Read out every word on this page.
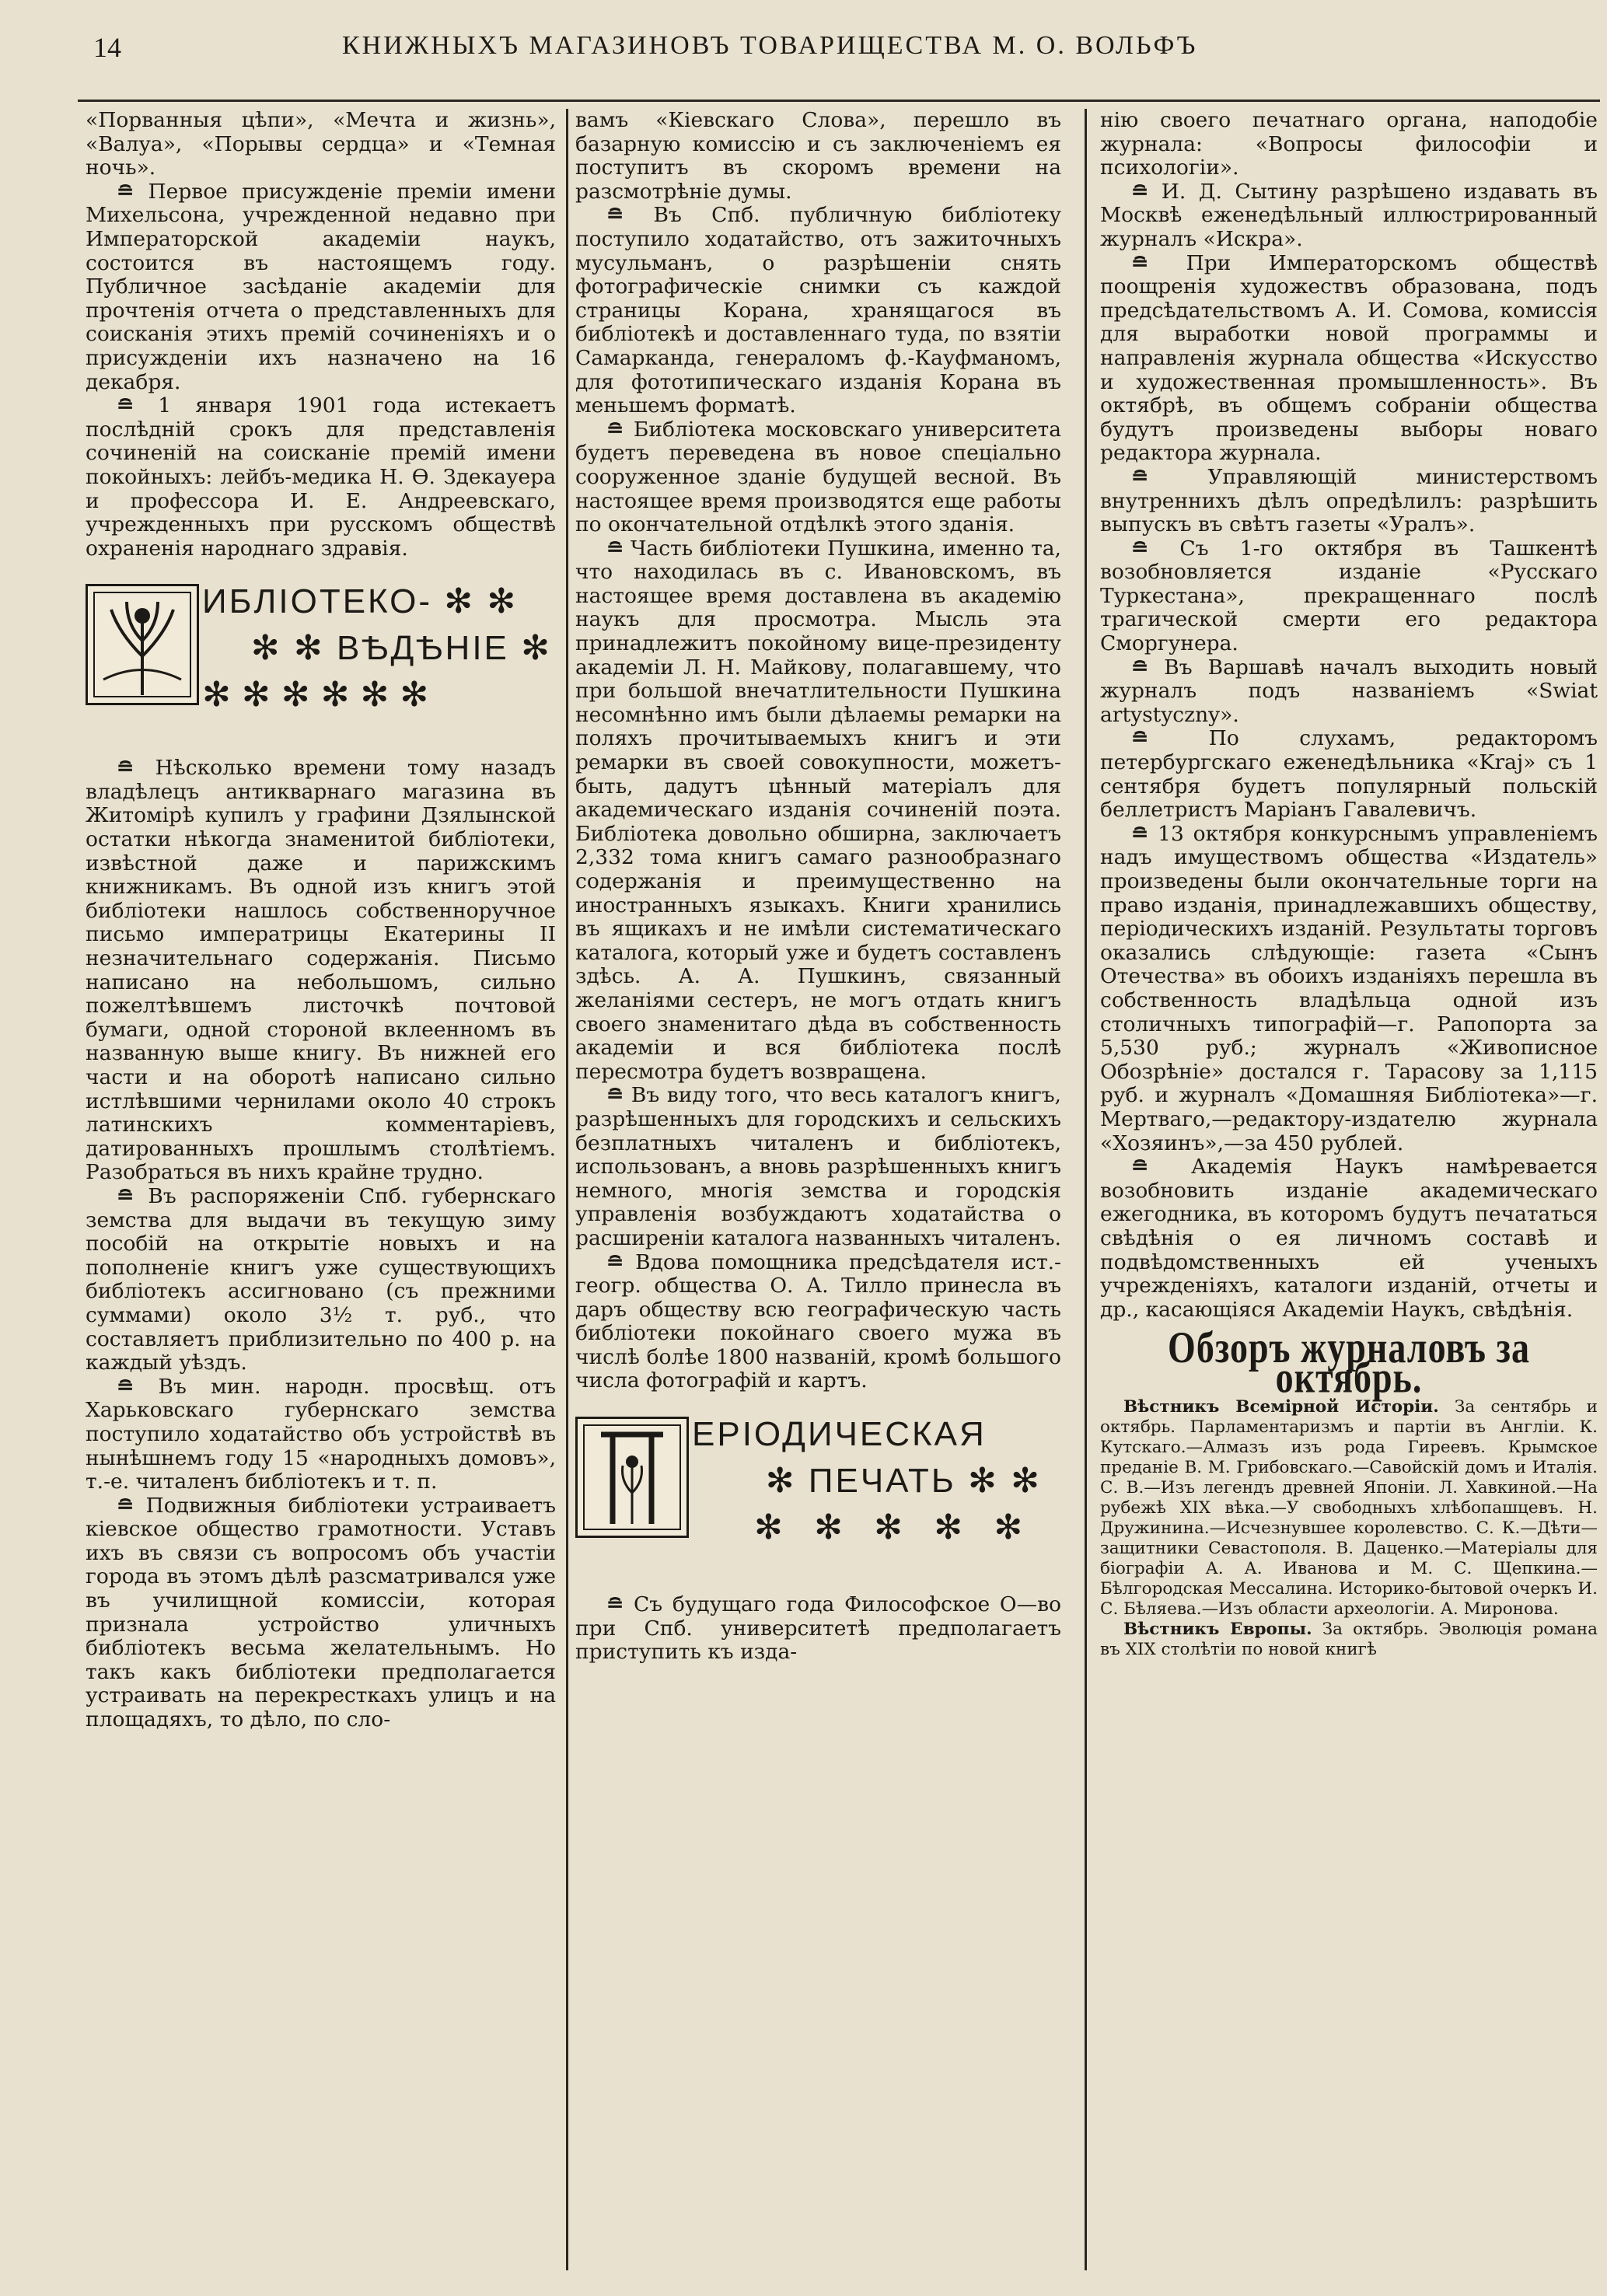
14	КНИЖНЫХЪ МАГАЗИНОВЪ ТОВАРИЩЕСТВА М. О. ВОЛЬФЪ

«Порванныя цѣпи», «Мечта и жизнь», «Валуа», «Порывы сердца» и «Темная ночь».

≘ Первое присужденіе преміи имени Михельсона, учрежденной недавно при Императорской академіи наукъ, состоится въ настоящемъ году. Публичное засѣданіе академіи для прочтенія отчета о представленныхъ для соисканія этихъ премій сочиненіяхъ и о присужденіи ихъ назначено на 16 декабря.

≘ 1 января 1901 года истекаетъ послѣдній срокъ для представленія сочиненій на соисканіе премій имени покойныхъ: лейбъ-медика Н. Ѳ. Здекауера и профессора И. Е. Андреевскаго, учрежденныхъ при русскомъ обществѣ охраненія народнаго здравія.

ИБЛІОТЕКО- ✻ ✻
✻ ✻ ВѢДѢНІЕ ✻
✻✻✻✻✻✻

≘ Нѣсколько времени тому назадъ владѣлецъ антикварнаго магазина въ Житомірѣ купилъ у графини Дзялынской остатки нѣкогда знаменитой библіотеки, извѣстной даже и парижскимъ книжникамъ. Въ одной изъ книгъ этой библіотеки нашлось собственноручное письмо императрицы Екатерины II незначительнаго содержанія. Письмо написано на небольшомъ, сильно пожелтѣвшемъ листочкѣ почтовой бумаги, одной стороной вклеенномъ въ названную выше книгу. Въ нижней его части и на оборотѣ написано сильно истлѣвшими чернилами около 40 строкъ латинскихъ комментаріевъ, датированныхъ прошлымъ столѣтіемъ. Разобраться въ нихъ крайне трудно.

≘ Въ распоряженіи Спб. губернскаго земства для выдачи въ текущую зиму пособій на открытіе новыхъ и на пополненіе книгъ уже существующихъ библіотекъ ассигновано (съ прежними суммами) около 3½ т. руб., что составляетъ приблизительно по 400 р. на каждый уѣздъ.

≘ Въ мин. народн. просвѣщ. отъ Харьковскаго губернскаго земства поступило ходатайство объ устройствѣ въ нынѣшнемъ году 15 «народныхъ домовъ», т.-е. читаленъ библіотекъ и т. п.

≘ Подвижныя библіотеки устраиваетъ кіевское общество грамотности. Уставъ ихъ въ связи съ вопросомъ объ участіи города въ этомъ дѣлѣ разсматривался уже въ училищной комиссіи, которая признала устройство уличныхъ библіотекъ весьма желательнымъ. Но такъ какъ библіотеки предполагается устраивать на перекресткахъ улицъ и на площадяхъ, то дѣло, по сло-

вамъ «Кіевскаго Слова», перешло въ базарную комиссію и съ заключеніемъ ея поступитъ въ скоромъ времени на разсмотрѣніе думы.

≘ Въ Спб. публичную библіотеку поступило ходатайство, отъ зажиточныхъ мусульманъ, о разрѣшеніи снять фотографическіе снимки съ каждой страницы Корана, хранящагося въ библіотекѣ и доставленнаго туда, по взятіи Самарканда, генераломъ ф.-Кауфманомъ, для фототипическаго изданія Корана въ меньшемъ форматѣ.

≘ Библіотека московскаго университета будетъ переведена въ новое спеціально сооруженное зданіе будущей весной. Въ настоящее время производятся еще работы по окончательной отдѣлкѣ этого зданія.

≘ Часть библіотеки Пушкина, именно та, что находилась въ с. Ивановскомъ, въ настоящее время доставлена въ академію наукъ для просмотра. Мысль эта принадлежитъ покойному вице-президенту академіи Л. Н. Майкову, полагавшему, что при большой внечатлительности Пушкина несомнѣнно имъ были дѣлаемы ремарки на поляхъ прочитываемыхъ книгъ и эти ремарки въ своей совокупности, можетъ-быть, дадутъ цѣнный матеріалъ для академическаго изданія сочиненій поэта. Библіотека довольно обширна, заключаетъ 2,332 тома книгъ самаго разнообразнаго содержанія и преимущественно на иностранныхъ языкахъ. Книги хранились въ ящикахъ и не имѣли систематическаго каталога, который уже и будетъ составленъ здѣсь. А. А. Пушкинъ, связанный желаніями сестеръ, не могъ отдать книгъ своего знаменитаго дѣда въ собственность академіи и вся библіотека послѣ пересмотра будетъ возвращена.

≘ Въ виду того, что весь каталогъ книгъ, разрѣшенныхъ для городскихъ и сельскихъ безплатныхъ читаленъ и библіотекъ, использованъ, а вновь разрѣшенныхъ книгъ немного, многія земства и городскія управленія возбуждаютъ ходатайства о расширеніи каталога названныхъ читаленъ.

≘ Вдова помощника предсѣдателя ист.-геогр. общества О. А. Тилло принесла въ даръ обществу всю географическую часть библіотеки покойнаго своего мужа въ числѣ болѣе 1800 названій, кромѣ большого числа фотографій и картъ.

ЕРІОДИЧЕСКАЯ
✻ ПЕЧАТЬ ✻ ✻
✻ ✻ ✻ ✻ ✻

≘ Съ будущаго года Философское О—во при Спб. университетѣ предполагаетъ приступить къ изда-

нію своего печатнаго органа, наподобіе журнала: «Вопросы философіи и психологіи».

≘ И. Д. Сытину разрѣшено издавать въ Москвѣ еженедѣльный иллюстрированный журналъ «Искра».

≘ При Императорскомъ обществѣ поощренія художествъ образована, подъ предсѣдательствомъ А. И. Сомова, комиссія для выработки новой программы и направленія журнала общества «Искусство и художественная промышленность». Въ октябрѣ, въ общемъ собраніи общества будутъ произведены выборы новаго редактора журнала.

≘	Управляющій министерствомъ внутреннихъ дѣлъ опредѣлилъ: разрѣшить выпускъ въ свѣтъ газеты «Уралъ».

≘ Съ 1-го октября въ Ташкентѣ возобновляется изданіе «Русскаго Туркестана», прекращеннаго послѣ трагической смерти его редактора Сморгунера.

≘ Въ Варшавѣ началъ выходить новый журналъ подъ названіемъ «Swiat artystyczny».

≘	По слухамъ, редакторомъ петербургскаго еженедѣльника «Kraj» съ 1 сентября будетъ популярный польскій беллетристъ Маріанъ Гавалевичъ.

≘ 13 октября конкурснымъ управленіемъ надъ имуществомъ общества «Издатель» произведены были окончательные торги на право изданія, принадлежавшихъ обществу, періодическихъ изданій. Результаты торговъ оказались слѣдующіе: газета «Сынъ Отечества» въ обоихъ изданіяхъ перешла въ собственность владѣльца одной изъ столичныхъ типографій—г. Рапопорта за 5,530 руб.; журналъ «Живописное Обозрѣніе» достался г. Тарасову за 1,115 руб. и журналъ «Домашняя Библіотека»—г. Мертваго,—редактору-издателю журнала «Хозяинъ»,—за 450 рублей.

≘ Академія Наукъ намѣревается возобновить изданіе академическаго ежегодника, въ которомъ будутъ печататься свѣдѣнія о ея личномъ составѣ и подвѣдомственныхъ ей ученыхъ учрежденіяхъ, каталоги изданій, отчеты и др., касающіяся Академіи Наукъ, свѣдѣнія.

Обзоръ журналовъ за октябрь.

Вѣстникъ Всемірной Исторіи. За сентябрь и октябрь. Парламентаризмъ и партіи въ Англіи. К. Кутскаго.—Алмазъ изъ рода Гиреевъ. Крымское преданіе В. М. Грибовскаго.—Савойскій домъ и Италія. С. В.—Изъ легендъ древней Японіи. Л. Хавкиной.—На рубежѣ XIX вѣка.—У свободныхъ хлѣбопашцевъ. Н. Дружинина.—Исчезнувшее королевство. С. К.—Дѣти—защитники Севастополя. В. Даценко.—Матеріалы для біографіи А. А. Иванова и М. С. Щепкина.—Бѣлгородская Мессалина. Историко-бытовой очеркъ И. С. Бѣляева.—Изъ области археологіи. А. Миронова.

Вѣстникъ Европы. За октябрь. Эволюція романа въ XIX столѣтіи по новой книгѣ
